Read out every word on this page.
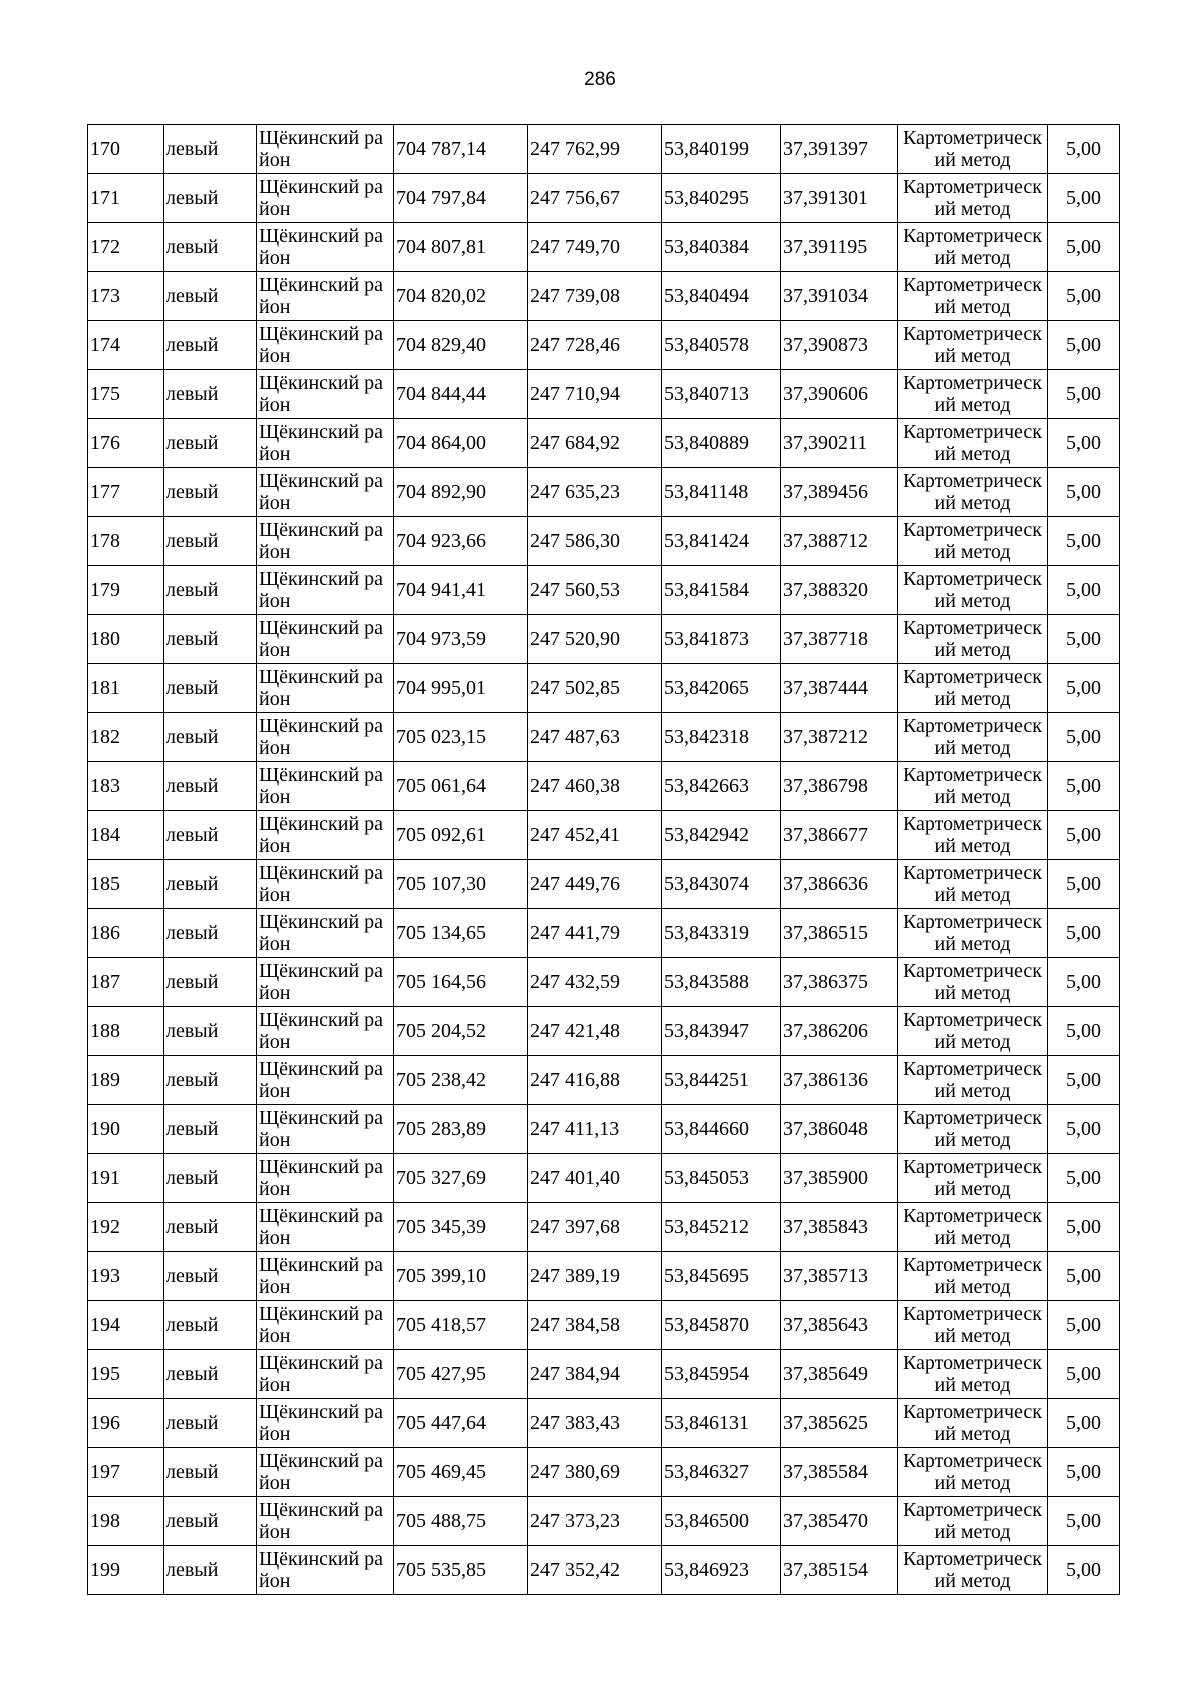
286
170	левый	Щёкинский район	704 787,14	247 762,99	53,840199	37,391397	Картометрический метод	5,00
171	левый	Щёкинский район	704 797,84	247 756,67	53,840295	37,391301	Картометрический метод	5,00
172	левый	Щёкинский район	704 807,81	247 749,70	53,840384	37,391195	Картометрический метод	5,00
173	левый	Щёкинский район	704 820,02	247 739,08	53,840494	37,391034	Картометрический метод	5,00
174	левый	Щёкинский район	704 829,40	247 728,46	53,840578	37,390873	Картометрический метод	5,00
175	левый	Щёкинский район	704 844,44	247 710,94	53,840713	37,390606	Картометрический метод	5,00
176	левый	Щёкинский район	704 864,00	247 684,92	53,840889	37,390211	Картометрический метод	5,00
177	левый	Щёкинский район	704 892,90	247 635,23	53,841148	37,389456	Картометрический метод	5,00
178	левый	Щёкинский район	704 923,66	247 586,30	53,841424	37,388712	Картометрический метод	5,00
179	левый	Щёкинский район	704 941,41	247 560,53	53,841584	37,388320	Картометрический метод	5,00
180	левый	Щёкинский район	704 973,59	247 520,90	53,841873	37,387718	Картометрический метод	5,00
181	левый	Щёкинский район	704 995,01	247 502,85	53,842065	37,387444	Картометрический метод	5,00
182	левый	Щёкинский район	705 023,15	247 487,63	53,842318	37,387212	Картометрический метод	5,00
183	левый	Щёкинский район	705 061,64	247 460,38	53,842663	37,386798	Картометрический метод	5,00
184	левый	Щёкинский район	705 092,61	247 452,41	53,842942	37,386677	Картометрический метод	5,00
185	левый	Щёкинский район	705 107,30	247 449,76	53,843074	37,386636	Картометрический метод	5,00
186	левый	Щёкинский район	705 134,65	247 441,79	53,843319	37,386515	Картометрический метод	5,00
187	левый	Щёкинский район	705 164,56	247 432,59	53,843588	37,386375	Картометрический метод	5,00
188	левый	Щёкинский район	705 204,52	247 421,48	53,843947	37,386206	Картометрический метод	5,00
189	левый	Щёкинский район	705 238,42	247 416,88	53,844251	37,386136	Картометрический метод	5,00
190	левый	Щёкинский район	705 283,89	247 411,13	53,844660	37,386048	Картометрический метод	5,00
191	левый	Щёкинский район	705 327,69	247 401,40	53,845053	37,385900	Картометрический метод	5,00
192	левый	Щёкинский район	705 345,39	247 397,68	53,845212	37,385843	Картометрический метод	5,00
193	левый	Щёкинский район	705 399,10	247 389,19	53,845695	37,385713	Картометрический метод	5,00
194	левый	Щёкинский район	705 418,57	247 384,58	53,845870	37,385643	Картометрический метод	5,00
195	левый	Щёкинский район	705 427,95	247 384,94	53,845954	37,385649	Картометрический метод	5,00
196	левый	Щёкинский район	705 447,64	247 383,43	53,846131	37,385625	Картометрический метод	5,00
197	левый	Щёкинский район	705 469,45	247 380,69	53,846327	37,385584	Картометрический метод	5,00
198	левый	Щёкинский район	705 488,75	247 373,23	53,846500	37,385470	Картометрический метод	5,00
199	левый	Щёкинский район	705 535,85	247 352,42	53,846923	37,385154	Картометрический метод	5,00
